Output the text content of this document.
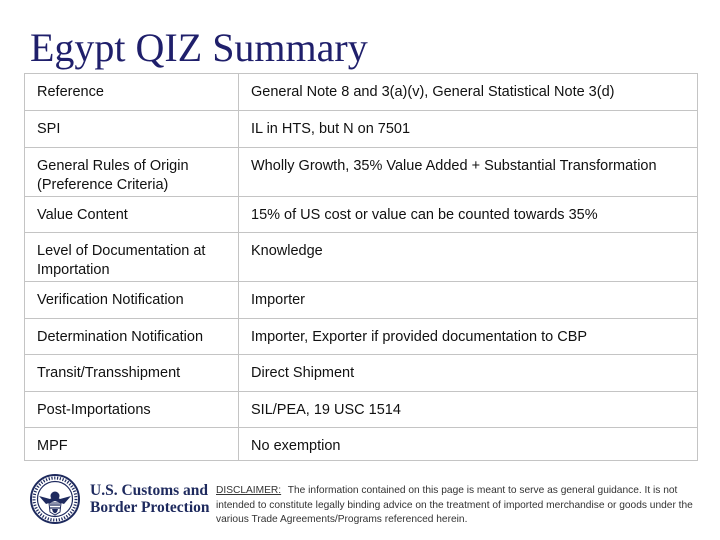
Egypt QIZ Summary
Reference	General Note 8 and 3(a)(v), General Statistical Note 3(d)
SPI	IL in HTS, but N on 7501
General Rules of Origin (Preference Criteria)	Wholly Growth, 35% Value Added + Substantial Transformation
Value Content	15% of US cost or value can be counted towards 35%
Level of Documentation at Importation	Knowledge
Verification Notification	Importer
Determination Notification	Importer, Exporter if provided documentation to CBP
Transit/Transshipment	Direct Shipment
Post-Importations	SIL/PEA, 19 USC 1514
MPF	No exemption
U.S. Customs and
Border Protection

DISCLAIMER: The information contained on this page is meant to serve as general guidance. It is not intended to constitute legally binding advice on the treatment of imported merchandise or goods under the various Trade Agreements/Programs referenced herein.
